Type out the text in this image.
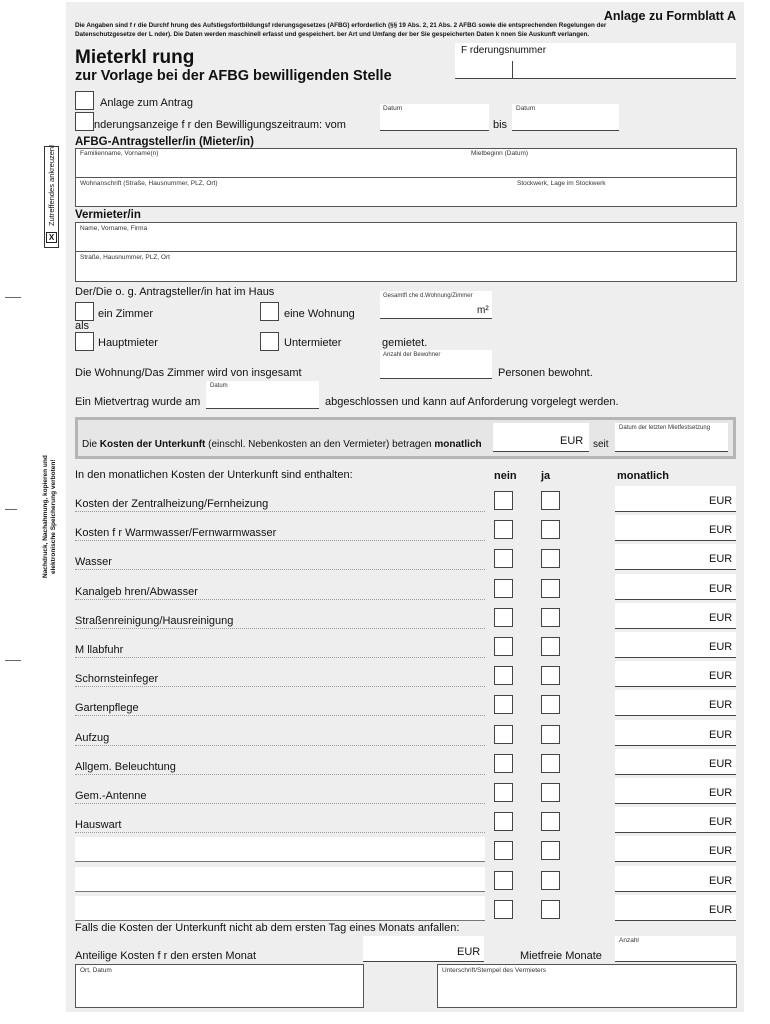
X
Zutreffendes ankreuzen!
Nachdruck, Nachahmung, kopieren und elektronische Speicherung verboten!
Anlage zu Formblatt A
Die Angaben sind f r die Durchf hrung des Aufstiegsfortbildungsf rderungsgesetzes (AFBG) erforderlich (§§ 19 Abs. 2, 21 Abs. 2 AFBG sowie die entsprechenden Regelungen der
Datenschutzgesetze der L nder). Die Daten werden maschinell erfasst und gespeichert. ber Art und Umfang der ber Sie gespeicherten Daten k nnen Sie Auskunft verlangen.
Mieterkl rung
zur Vorlage bei der AFBG bewilligenden Stelle
F rderungsnummer
Anlage zum Antrag
nderungsanzeige f r den Bewilligungszeitraum: vom
Datum
bis
Datum
AFBG-Antragsteller/in (Mieter/in)
Familienname, Vorname(n)	Mietbeginn (Datum)
Wohnanschrift (Straße, Hausnummer, PLZ, Ort)	Stockwerk, Lage im Stockwerk
Vermieter/in
Name, Vorname, Firma
Straße, Hausnummer, PLZ, Ort
Der/Die o. g. Antragsteller/in hat im Haus	Gesamtfl che d.Wohnung/Zimmer
m²
ein Zimmer	eine Wohnung
als
Hauptmieter	Untermieter	gemietet.
Anzahl der Bewohner
Die Wohnung/Das Zimmer wird von insgesamt	Personen bewohnt.
Datum
Ein Mietvertrag wurde am	abgeschlossen und kann auf Anforderung vorgelegt werden.
Die Kosten der Unterkunft (einschl. Nebenkosten an den Vermieter) betragen monatlich	EUR seit
Datum der letzten Mietfestsetzung
In den monatlichen Kosten der Unterkunft sind enthalten:	nein ja	monatlich
Kosten der Zentralheizung/Fernheizung	EUR
Kosten f r Warmwasser/Fernwarmwasser	EUR
Wasser	EUR
Kanalgeb hren/Abwasser	EUR
Straßenreinigung/Hausreinigung	EUR
M llabfuhr	EUR
Schornsteinfeger	EUR
Gartenpflege	EUR
Aufzug	EUR
Allgem. Beleuchtung	EUR
Gem.-Antenne	EUR
Hauswart	EUR
EUR
EUR
EUR
Falls die Kosten der Unterkunft nicht ab dem ersten Tag eines Monats anfallen:
EUR
Anteilige Kosten f r den ersten Monat	Mietfreie Monate
Anzahl
Ort, Datum	Unterschrift/Stempel des Vermieters
